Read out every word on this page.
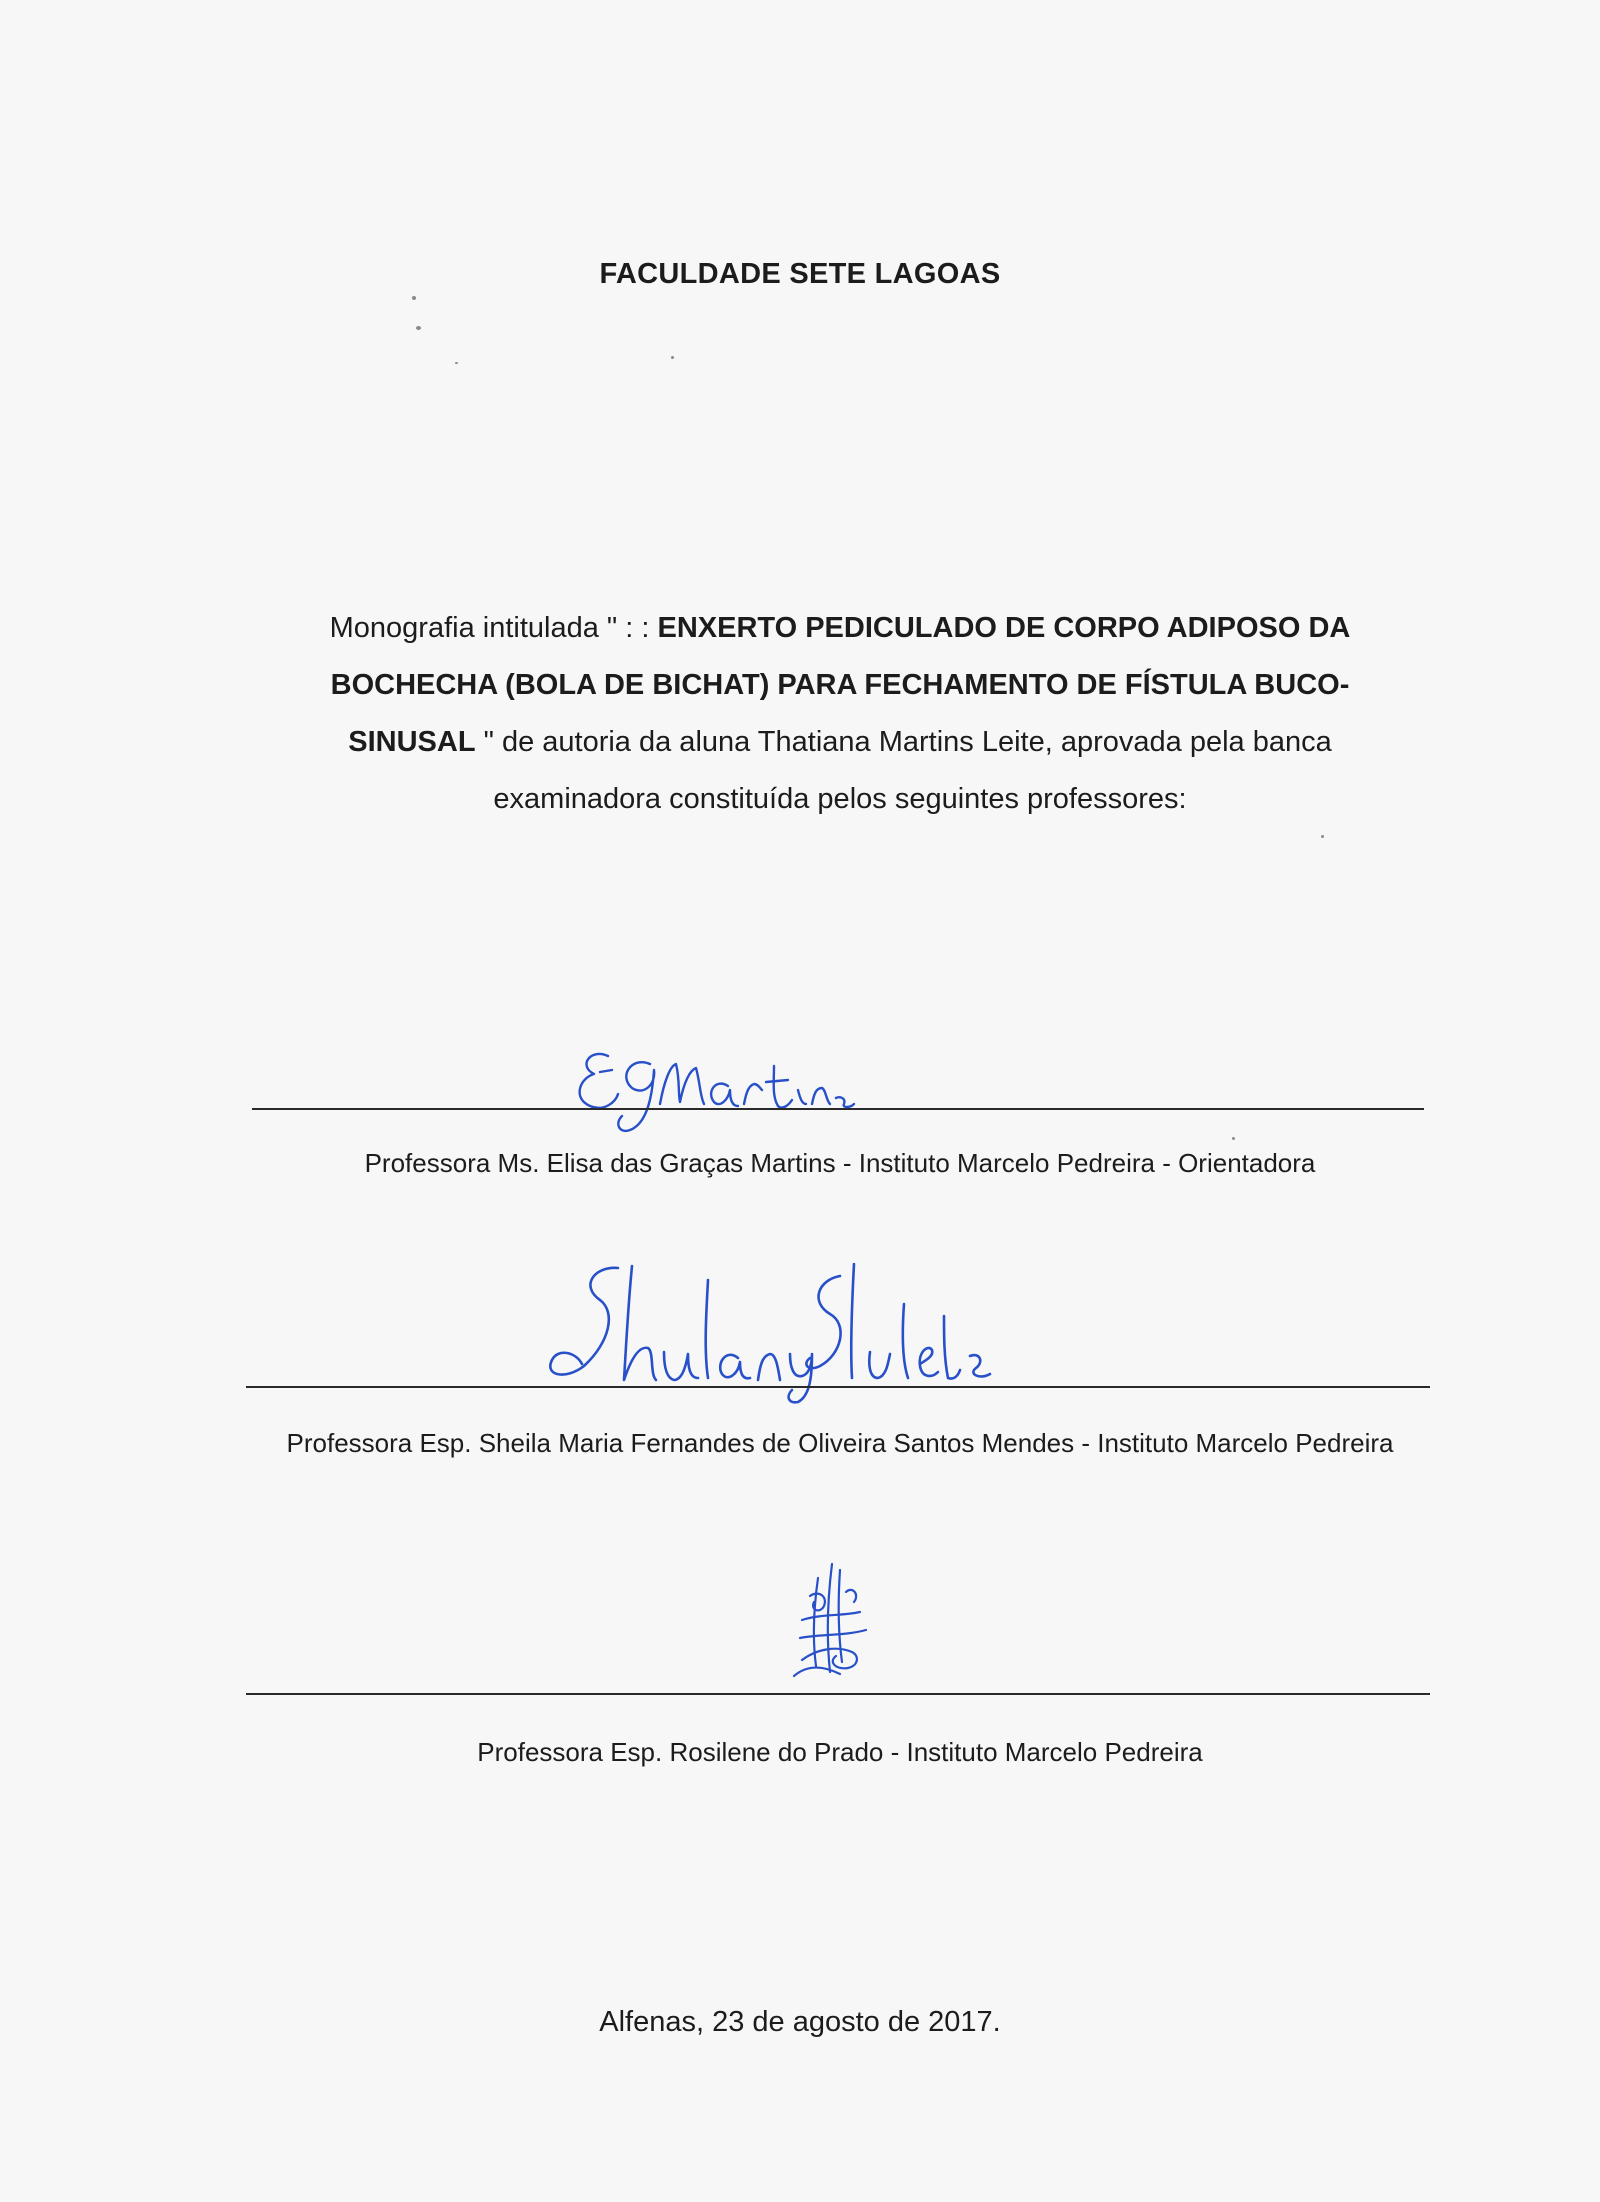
FACULDADE SETE LAGOAS
Monografia intitulada " : : ENXERTO PEDICULADO DE CORPO ADIPOSO DA BOCHECHA (BOLA DE BICHAT) PARA FECHAMENTO DE FÍSTULA BUCO-SINUSAL " de autoria da aluna Thatiana Martins Leite, aprovada pela banca examinadora constituída pelos seguintes professores:
Professora Ms. Elisa das Graças Martins - Instituto Marcelo Pedreira - Orientadora
Professora Esp. Sheila Maria Fernandes de Oliveira Santos Mendes - Instituto Marcelo Pedreira
Professora Esp. Rosilene do Prado - Instituto Marcelo Pedreira
Alfenas, 23 de agosto de 2017.
